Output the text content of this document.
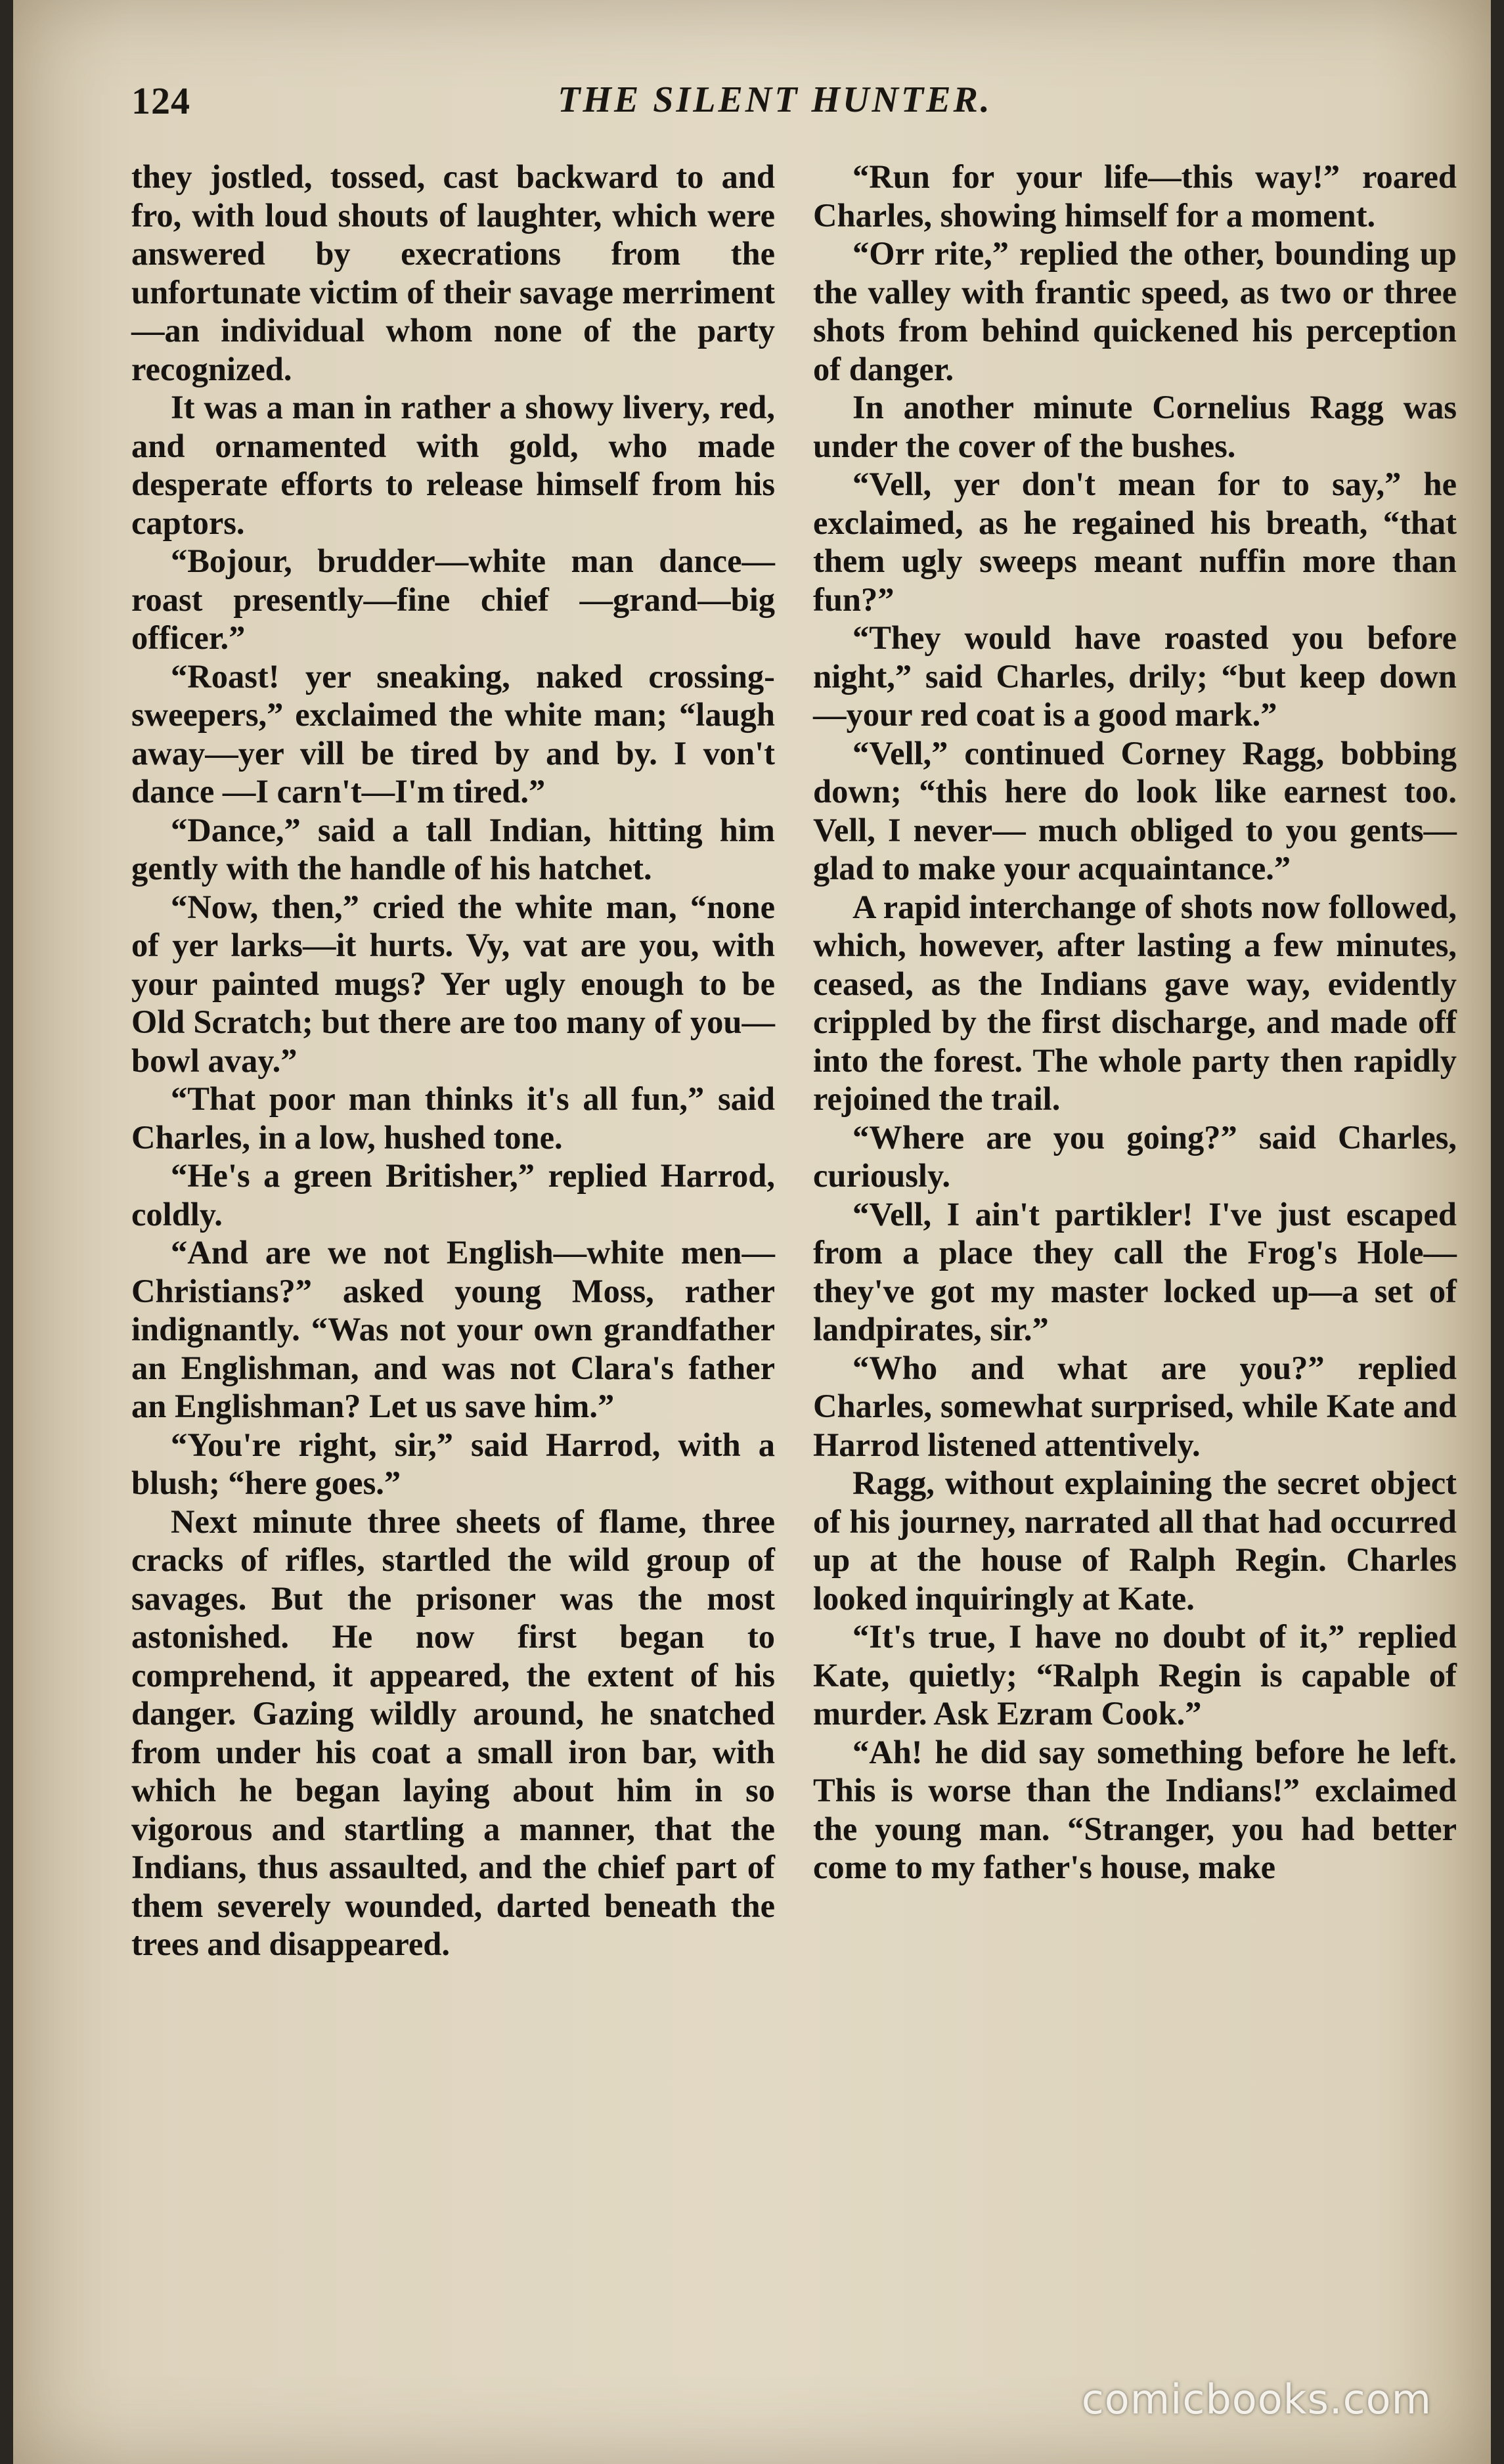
124	THE SILENT HUNTER.

they jostled, tossed, cast backward to and fro, with loud shouts of laughter, which were answered by execrations from the unfortunate victim of their savage merriment—an individual whom none of the party recognized.

It was a man in rather a showy livery, red, and ornamented with gold, who made desperate efforts to release himself from his captors.

“Bojour, brudder—white man dance—roast presently—fine chief —grand—big officer.”

“Roast! yer sneaking, naked crossing-sweepers,” exclaimed the white man; “laugh away—yer vill be tired by and by. I von't dance —I carn't—I'm tired.”

“Dance,” said a tall Indian, hitting him gently with the handle of his hatchet.

“Now, then,” cried the white man, “none of yer larks—it hurts. Vy, vat are you, with your painted mugs? Yer ugly enough to be Old Scratch; but there are too many of you—bowl avay.”

“That poor man thinks it's all fun,” said Charles, in a low, hushed tone.

“He's a green Britisher,” replied Harrod, coldly.

“And are we not English—white men—Christians?” asked young Moss, rather indignantly. “Was not your own grandfather an Englishman, and was not Clara's father an Englishman? Let us save him.”

“You're right, sir,” said Harrod, with a blush; “here goes.”

Next minute three sheets of flame, three cracks of rifles, startled the wild group of savages. But the prisoner was the most astonished. He now first began to comprehend, it appeared, the extent of his danger. Gazing wildly around, he snatched from under his coat a small iron bar, with which he began laying about him in so vigorous and startling a manner, that the Indians, thus assaulted, and the chief part of them severely wounded, darted beneath the trees and disappeared.

“Run for your life—this way!” roared Charles, showing himself for a moment.

“Orr rite,” replied the other, bounding up the valley with frantic speed, as two or three shots from behind quickened his perception of danger.

In another minute Cornelius Ragg was under the cover of the bushes.

“Vell, yer don't mean for to say,” he exclaimed, as he regained his breath, “that them ugly sweeps meant nuffin more than fun?”

“They would have roasted you before night,” said Charles, drily; “but keep down—your red coat is a good mark.”

“Vell,” continued Corney Ragg, bobbing down; “this here do look like earnest too. Vell, I never— much obliged to you gents—glad to make your acquaintance.”

A rapid interchange of shots now followed, which, however, after lasting a few minutes, ceased, as the Indians gave way, evidently crippled by the first discharge, and made off into the forest. The whole party then rapidly rejoined the trail.

“Where are you going?” said Charles, curiously.

“Vell, I ain't partikler! I've just escaped from a place they call the Frog's Hole—they've got my master locked up—a set of landpirates, sir.”

“Who and what are you?” replied Charles, somewhat surprised, while Kate and Harrod listened attentively.

Ragg, without explaining the secret object of his journey, narrated all that had occurred up at the house of Ralph Regin. Charles looked inquiringly at Kate.

“It's true, I have no doubt of it,” replied Kate, quietly; “Ralph Regin is capable of murder. Ask Ezram Cook.”

“Ah! he did say something before he left. This is worse than the Indians!” exclaimed the young man. “Stranger, you had better come to my father's house, make

comicbooks.com
